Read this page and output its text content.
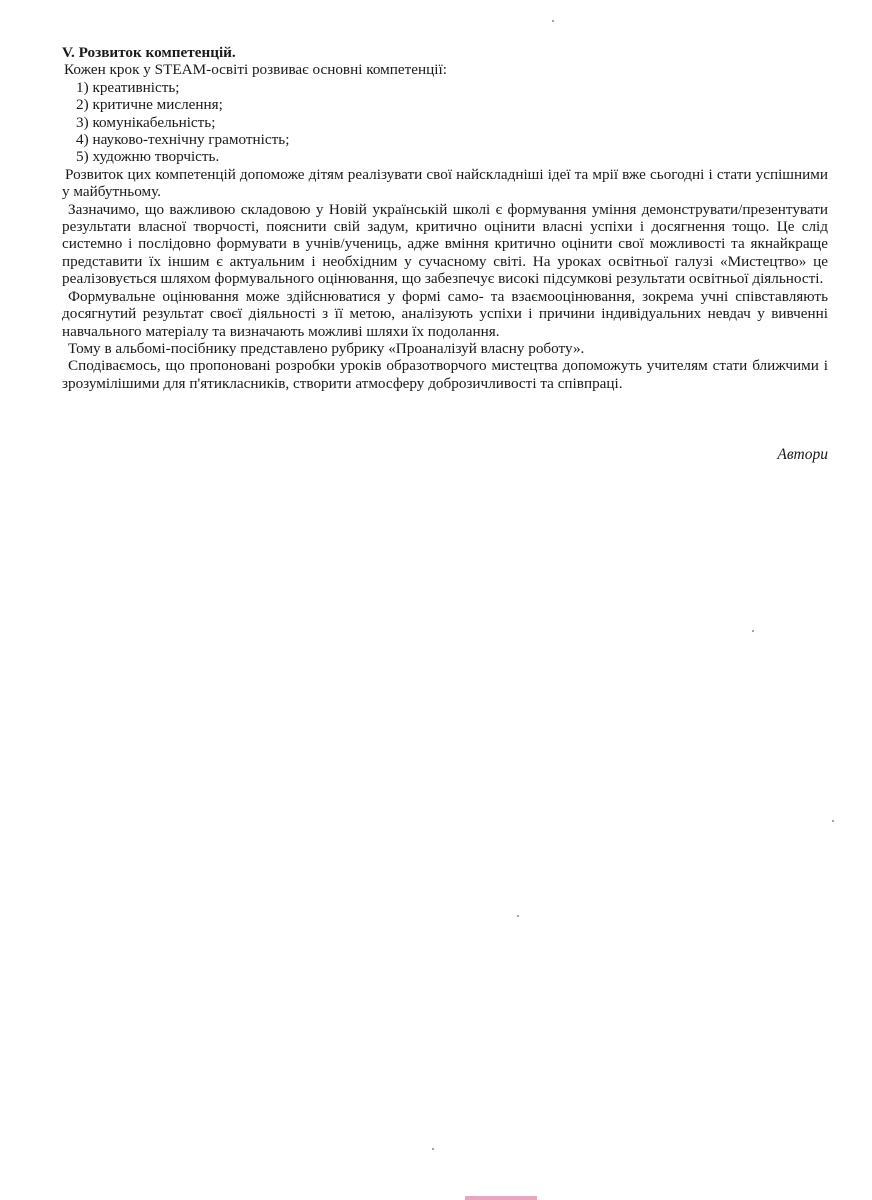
V. Розвиток компетенцій.

Кожен крок у STEAM-освіті розвиває основні компетенції:

1) креативність;
2) критичне мислення;
3) комунікабельність;
4) науково-технічну грамотність;
5) художню творчість.

Розвиток цих компетенцій допоможе дітям реалізувати свої найскладніші ідеї та мрії вже сьогодні і стати успішними у майбутньому.

Зазначимо, що важливою складовою у Новій українській школі є формування уміння демонструвати/презентувати результати власної творчості, пояснити свій задум, критично оцінити власні успіхи і досягнення тощо. Це слід системно і послідовно формувати в учнів/учениць, адже вміння критично оцінити свої можливості та якнайкраще представити їх іншим є актуальним і необхідним у сучасному світі. На уроках освітньої галузі «Мистецтво» це реалізовується шляхом формувального оцінювання, що забезпечує високі підсумкові результати освітньої діяльності.

Формувальне оцінювання може здійснюватися у формі само- та взаємооцінювання, зокрема учні співставляють досягнутий результат своєї діяльності з її метою, аналізують успіхи і причини індивідуальних невдач у вивченні навчального матеріалу та визначають можливі шляхи їх подолання.

Тому в альбомі-посібнику представлено рубрику «Проаналізуй власну роботу».

Сподіваємось, що пропоновані розробки уроків образотворчого мистецтва допоможуть учителям стати ближчими і зрозумілішими для п'ятикласників, створити атмосферу доброзичливості та співпраці.

Автори
